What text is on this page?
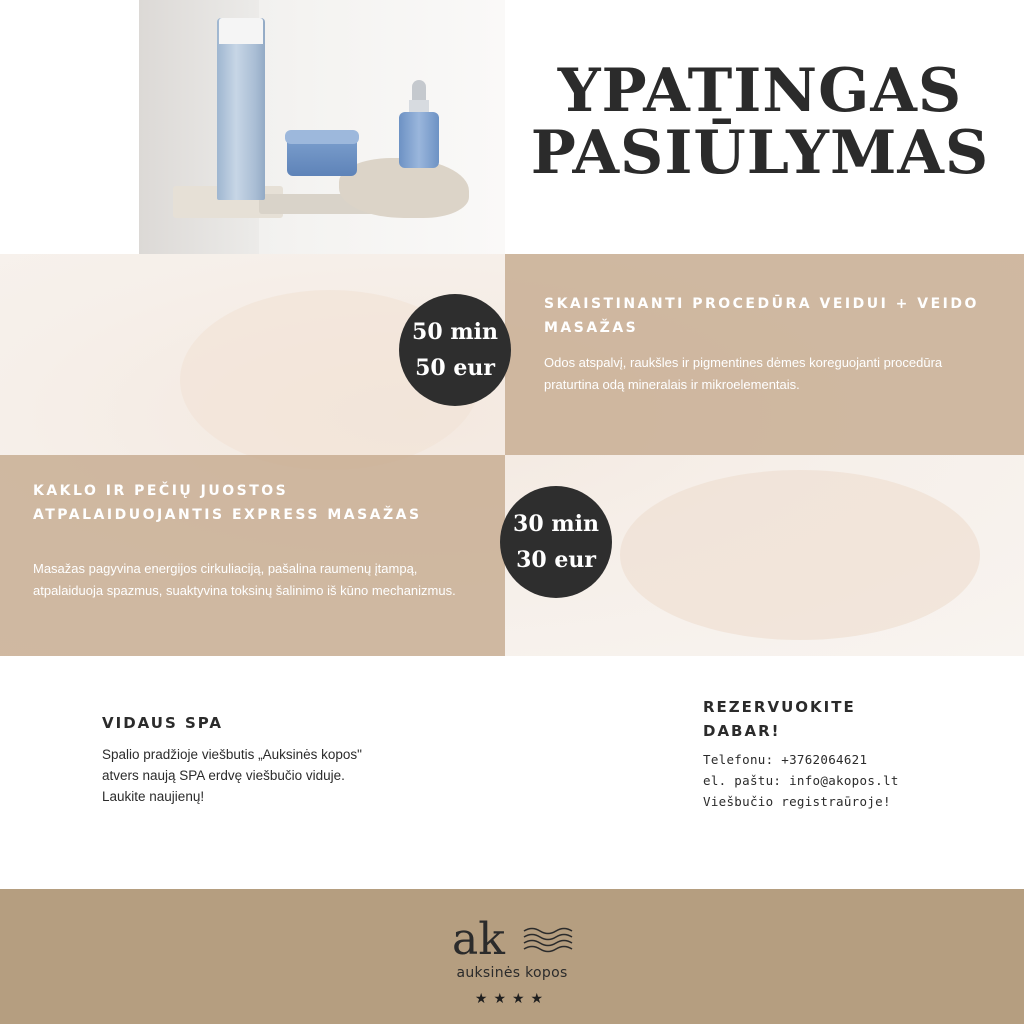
YPATINGAS
PASIŪLYMAS
SKAISTINANTI PROCEDŪRA VEIDUI + VEIDO MASAŽAS

Odos atspalvį, raukšles ir pigmentines dėmes koreguojanti procedūra praturtina odą mineralais ir mikroelementais.

50 min
50 eur
KAKLO IR PEČIŲ JUOSTOS ATPALAIDUOJANTIS EXPRESS MASAŽAS

Masažas pagyvina energijos cirkuliaciją, pašalina raumenų įtampą, atpalaiduoja spazmus, suaktyvina toksinų šalinimo iš kūno mechanizmus.

30 min
30 eur
VIDAUS SPA
Spalio pradžioje viešbutis „Auksinės kopos"
atvers naują SPA erdvę viešbučio viduje.
Laukite naujienų!
REZERVUOKITE DABAR!
Telefonu: +3762064621
el. paštu: info@akopos.lt
Viešbučio registraūroje!
ak
auksinės kopos
★★★★
